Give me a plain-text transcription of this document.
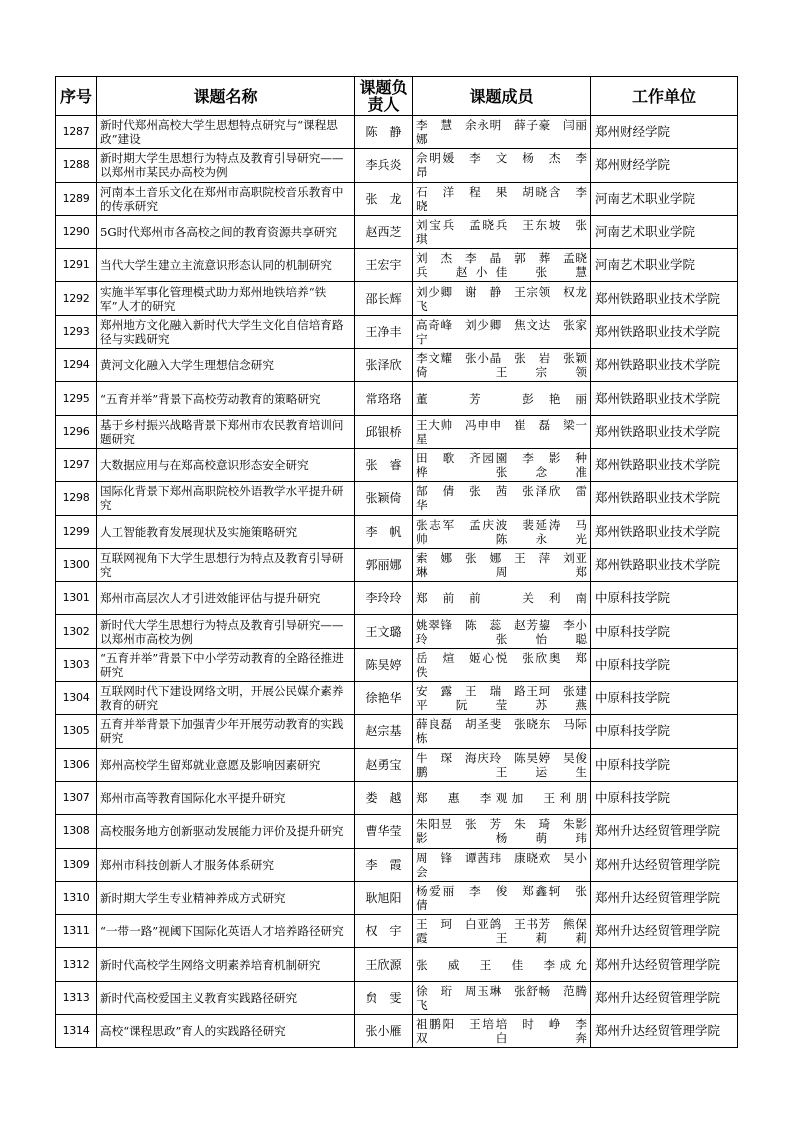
序号	课题名称	课题负责人	课题成员	工作单位
1287	新时代郑州高校大学生思想特点研究与“课程思政”建设	陈　静	李　慧　余永明　薛子豪　闫丽娜	郑州财经学院
1288	新时期大学生思想行为特点及教育引导研究——以郑州市某民办高校为例	李兵炎	佘明媛　李　文　杨　杰　李　昂	郑州财经学院
1289	河南本土音乐文化在郑州市高职院校音乐教育中的传承研究	张　龙	石　洋　程　果　胡晓含　李　晓	河南艺术职业学院
1290	5G时代郑州市各高校之间的教育资源共享研究	赵西芝	刘宝兵　孟晓兵　王东坡　张　琪	河南艺术职业学院
1291	当代大学生建立主流意识形态认同的机制研究	王宏宇	刘　杰　李　晶　郭　葬　孟晓兵　赵小佳　张　慧	河南艺术职业学院
1292	实施半军事化管理模式助力郑州地铁培养“铁军”人才的研究	邵长辉	刘少卿　谢　静　王宗领　权龙飞	郑州铁路职业技术学院
1293	郑州地方文化融入新时代大学生文化自信培育路径与实践研究	王净丰	高奇峰　刘少卿　焦文达　张家宁	郑州铁路职业技术学院
1294	黄河文化融入大学生理想信念研究	张泽欣	李文耀　张小晶　张　岩　张颖倚　王宗领	郑州铁路职业技术学院
1295	“五育并举”背景下高校劳动教育的策略研究	常珞珞	董　芳　彭艳丽	郑州铁路职业技术学院
1296	基于乡村振兴战略背景下郑州市农民教育培训问题研究	邱银桥	王大帅　冯申申　崔　磊　梁一星	郑州铁路职业技术学院
1297	大数据应用与在郑高校意识形态安全研究	张　睿	田　歌　齐园園　李　影　种　桦　张念准	郑州铁路职业技术学院
1298	国际化背景下郑州高职院校外语教学水平提升研究	张颖倚	郜　倩　张　茜　张泽欣　雷　华	郑州铁路职业技术学院
1299	人工智能教育发展现状及实施策略研究	李　帆	张志军　孟庆波　裴延涛　马　帅　陈永光	郑州铁路职业技术学院
1300	互联网视角下大学生思想行为特点及教育引导研究	郭丽娜	索　娜　张　娜　王　萍　刘亚琳　周　郑	郑州铁路职业技术学院
1301	郑州市高层次人才引进效能评估与提升研究	李玲玲	郑前前　关利南	中原科技学院
1302	新时代大学生思想行为特点及教育引导研究——以郑州市高校为例	王文璐	姚翠锋　陈　蕊　赵芳鋆　李小玲　张怡聪	中原科技学院
1303	“五育并举”背景下中小学劳动教育的全路径推进研究	陈昊婷	岳　煊　姬心悦　张欣奥　郑　佚	中原科技学院
1304	互联网时代下建设网络文明，开展公民媒介素养教育的研究	徐艳华	安　露　王　瑞　路王珂　张建平　阮　莹　苏　燕	中原科技学院
1305	五育并举背景下加强青少年开展劳动教育的实践研究	赵宗基	薛良磊　胡圣斐　张晓东　马际栋	中原科技学院
1306	郑州高校学生留郑就业意愿及影响因素研究	赵勇宝	牛　琛　海庆玲　陈昊婷　吴俊鹏　王运生	中原科技学院
1307	郑州市高等教育国际化水平提升研究	娄　越	郑　惠　李观加　王利朋	中原科技学院
1308	高校服务地方创新驱动发展能力评价及提升研究	曹华莹	朱阳昱　张　芳　朱　琦　朱影影　杨萌玮	郑州升达经贸管理学院
1309	郑州市科技创新人才服务体系研究	李　霞	周　锋　谭茜玮　康晓欢　吴小会	郑州升达经贸管理学院
1310	新时期大学生专业精神养成方式研究	耿旭阳	杨爱丽　李　俊　郑鑫轲　张　倩	郑州升达经贸管理学院
1311	“一带一路”视阈下国际化英语人才培养路径研究	权　宇	王　珂　白亚鸽　王书芳　熊保霞　王莉莉	郑州升达经贸管理学院
1312	新时代高校学生网络文明素养培育机制研究	王欣源	张　威　王　佳　李成允	郑州升达经贸管理学院
1313	新时代高校爱国主义教育实践路径研究	贠　雯	徐　珩　周玉琳　张舒畅　范腾飞	郑州升达经贸管理学院
1314	高校“课程思政”育人的实践路径研究	张小雁	祖鹏阳　王培培　时　峥　李　双　白　奔	郑州升达经贸管理学院
